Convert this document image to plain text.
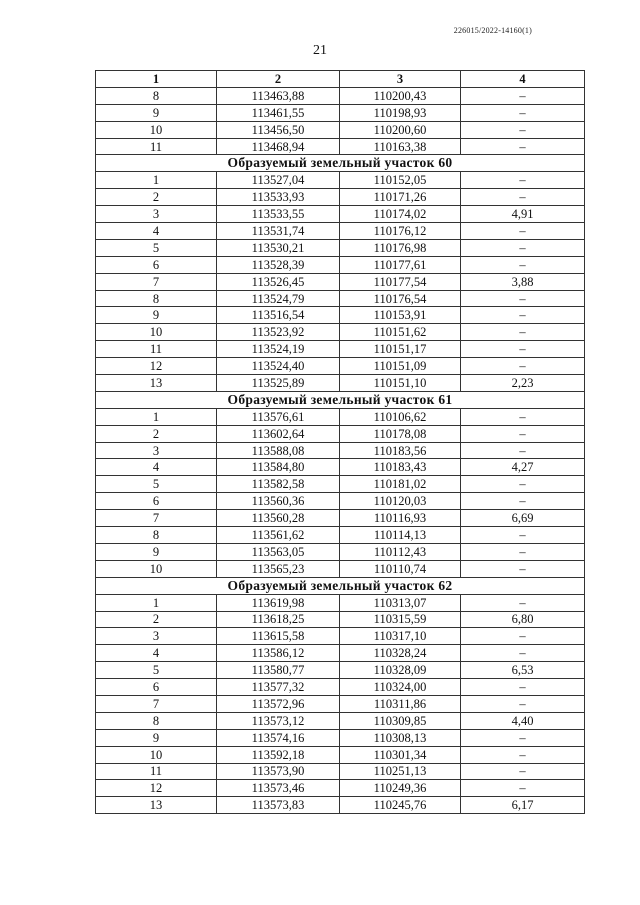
226015/2022-14160(1)
21
1	2	3	4
8	113463,88	110200,43	–
9	113461,55	110198,93	–
10	113456,50	110200,60	–
11	113468,94	110163,38	–
Образуемый земельный участок 60			
1	113527,04	110152,05	–
2	113533,93	110171,26	–
3	113533,55	110174,02	4,91
4	113531,74	110176,12	–
5	113530,21	110176,98	–
6	113528,39	110177,61	–
7	113526,45	110177,54	3,88
8	113524,79	110176,54	–
9	113516,54	110153,91	–
10	113523,92	110151,62	–
11	113524,19	110151,17	–
12	113524,40	110151,09	–
13	113525,89	110151,10	2,23
Образуемый земельный участок 61			
1	113576,61	110106,62	–
2	113602,64	110178,08	–
3	113588,08	110183,56	–
4	113584,80	110183,43	4,27
5	113582,58	110181,02	–
6	113560,36	110120,03	–
7	113560,28	110116,93	6,69
8	113561,62	110114,13	–
9	113563,05	110112,43	–
10	113565,23	110110,74	–
Образуемый земельный участок 62			
1	113619,98	110313,07	–
2	113618,25	110315,59	6,80
3	113615,58	110317,10	–
4	113586,12	110328,24	–
5	113580,77	110328,09	6,53
6	113577,32	110324,00	–
7	113572,96	110311,86	–
8	113573,12	110309,85	4,40
9	113574,16	110308,13	–
10	113592,18	110301,34	–
11	113573,90	110251,13	–
12	113573,46	110249,36	–
13	113573,83	110245,76	6,17
